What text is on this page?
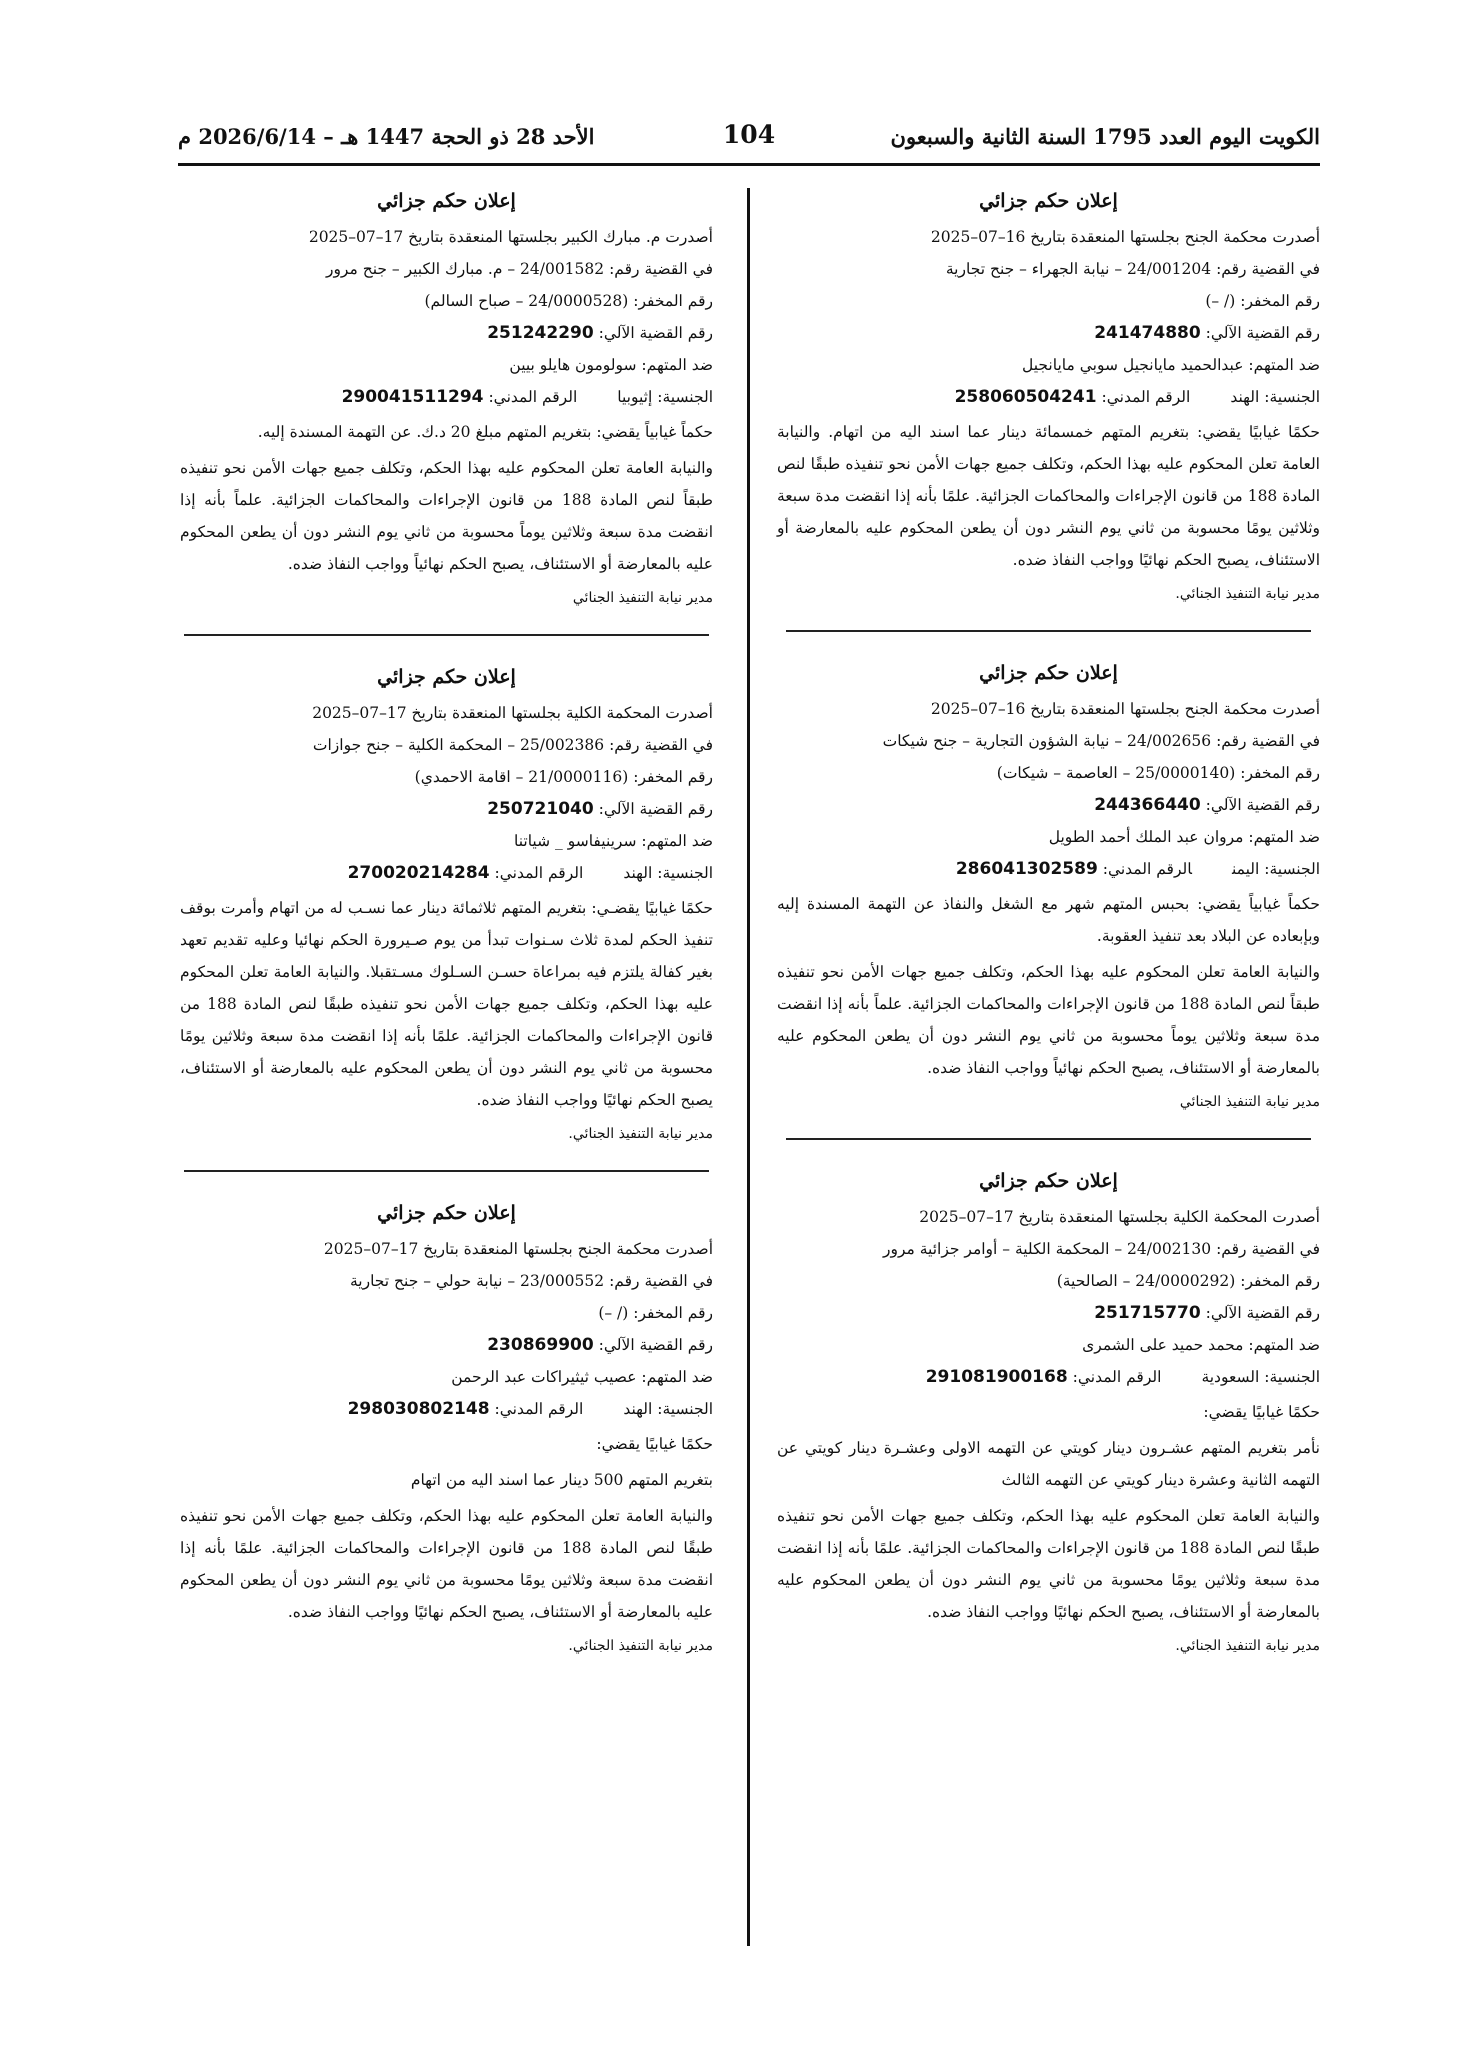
الكويت اليوم العدد 1795 السنة الثانية والسبعون
104
الأحد 28 ذو الحجة 1447 هـ – 2026/6/14 م
إعلان حكم جزائي
أصدرت محكمة الجنح بجلستها المنعقدة بتاريخ 16–07–2025
في القضية رقم: 24/001204 – نيابة الجهراء – جنح تجارية
رقم المخفر: (/ –)
رقم القضية الآلي: 241474880
ضد المتهم: عبدالحميد مايانجيل سوبي مايانجيل
الجنسية: الهندالرقم المدني: 258060504241
حكمًا غيابيًا يقضي: بتغريم المتهم خمسمائة دينار عما اسند اليه من اتهام. والنيابة العامة تعلن المحكوم عليه بهذا الحكم، وتكلف جميع جهات الأمن نحو تنفيذه طبقًا لنص المادة 188 من قانون الإجراءات والمحاكمات الجزائية. علمًا بأنه إذا انقضت مدة سبعة وثلاثين يومًا محسوبة من ثاني يوم النشر دون أن يطعن المحكوم عليه بالمعارضة أو الاستئناف، يصبح الحكم نهائيًا وواجب النفاذ ضده.
مدير نيابة التنفيذ الجنائي.
إعلان حكم جزائي
أصدرت محكمة الجنح بجلستها المنعقدة بتاريخ 16–07–2025
في القضية رقم: 24/002656 – نيابة الشؤون التجارية – جنح شيكات
رقم المخفر: (25/0000140 – العاصمة – شيكات)
رقم القضية الآلي: 244366440
ضد المتهم: مروان عبد الملك أحمد الطويل
الجنسية: اليمنالرقم المدني: 286041302589
حكماً غيابياً يقضي: بحبس المتهم شهر مع الشغل والنفاذ عن التهمة المسندة إليه وبإبعاده عن البلاد بعد تنفيذ العقوبة.
والنيابة العامة تعلن المحكوم عليه بهذا الحكم، وتكلف جميع جهات الأمن نحو تنفيذه طبقاً لنص المادة 188 من قانون الإجراءات والمحاكمات الجزائية. علماً بأنه إذا انقضت مدة سبعة وثلاثين يوماً محسوبة من ثاني يوم النشر دون أن يطعن المحكوم عليه بالمعارضة أو الاستئناف، يصبح الحكم نهائياً وواجب النفاذ ضده.
مدير نيابة التنفيذ الجنائي
إعلان حكم جزائي
أصدرت المحكمة الكلية بجلستها المنعقدة بتاريخ 17–07–2025
في القضية رقم: 24/002130 – المحكمة الكلية – أوامر جزائية مرور
رقم المخفر: (24/0000292 – الصالحية)
رقم القضية الآلي: 251715770
ضد المتهم: محمد حميد على الشمرى
الجنسية: السعوديةالرقم المدني: 291081900168
حكمًا غيابيًا يقضي:
نأمر بتغريم المتهم عشـرون دينار كويتي عن التهمه الاولى وعشـرة دينار كويتي عن التهمه الثانية وعشرة دينار كويتي عن التهمه الثالث
والنيابة العامة تعلن المحكوم عليه بهذا الحكم، وتكلف جميع جهات الأمن نحو تنفيذه طبقًا لنص المادة 188 من قانون الإجراءات والمحاكمات الجزائية. علمًا بأنه إذا انقضت مدة سبعة وثلاثين يومًا محسوبة من ثاني يوم النشر دون أن يطعن المحكوم عليه بالمعارضة أو الاستئناف، يصبح الحكم نهائيًا وواجب النفاذ ضده.
مدير نيابة التنفيذ الجنائي.
إعلان حكم جزائي
أصدرت م. مبارك الكبير بجلستها المنعقدة بتاريخ 17–07–2025
في القضية رقم: 24/001582 – م. مبارك الكبير – جنح مرور
رقم المخفر: (24/0000528 – صباح السالم)
رقم القضية الآلي: 251242290
ضد المتهم: سولومون هايلو بيين
الجنسية: إثيوبياالرقم المدني: 290041511294
حكماً غيابياً يقضي: بتغريم المتهم مبلغ 20 د.ك. عن التهمة المسندة إليه.
والنيابة العامة تعلن المحكوم عليه بهذا الحكم، وتكلف جميع جهات الأمن نحو تنفيذه طبقاً لنص المادة 188 من قانون الإجراءات والمحاكمات الجزائية. علماً بأنه إذا انقضت مدة سبعة وثلاثين يوماً محسوبة من ثاني يوم النشر دون أن يطعن المحكوم عليه بالمعارضة أو الاستئناف، يصبح الحكم نهائياً وواجب النفاذ ضده.
مدير نيابة التنفيذ الجنائي
إعلان حكم جزائي
أصدرت المحكمة الكلية بجلستها المنعقدة بتاريخ 17–07–2025
في القضية رقم: 25/002386 – المحكمة الكلية – جنح جوازات
رقم المخفر: (21/0000116 – اقامة الاحمدي)
رقم القضية الآلي: 250721040
ضد المتهم: سرينيفاسو _ شياتنا
الجنسية: الهندالرقم المدني: 270020214284
حكمًا غيابيًا يقضـي: بتغريم المتهم ثلاثمائة دينار عما نسـب له من اتهام وأمرت بوقف تنفيذ الحكم لمدة ثلاث سـنوات تبدأ من يوم صـيرورة الحكم نهائيا وعليه تقديم تعهد بغير كفالة يلتزم فيه بمراعاة حسـن السـلوك مسـتقبلا. والنيابة العامة تعلن المحكوم عليه بهذا الحكم، وتكلف جميع جهات الأمن نحو تنفيذه طبقًا لنص المادة 188 من قانون الإجراءات والمحاكمات الجزائية. علمًا بأنه إذا انقضت مدة سبعة وثلاثين يومًا محسوبة من ثاني يوم النشر دون أن يطعن المحكوم عليه بالمعارضة أو الاستئناف، يصبح الحكم نهائيًا وواجب النفاذ ضده.
مدير نيابة التنفيذ الجنائي.
إعلان حكم جزائي
أصدرت محكمة الجنح بجلستها المنعقدة بتاريخ 17–07–2025
في القضية رقم: 23/000552 – نيابة حولي – جنح تجارية
رقم المخفر: (/ –)
رقم القضية الآلي: 230869900
ضد المتهم: عصيب ثيثيراكات عبد الرحمن
الجنسية: الهندالرقم المدني: 298030802148
حكمًا غيابيًا يقضي:
بتغريم المتهم 500 دينار عما اسند اليه من اتهام
والنيابة العامة تعلن المحكوم عليه بهذا الحكم، وتكلف جميع جهات الأمن نحو تنفيذه طبقًا لنص المادة 188 من قانون الإجراءات والمحاكمات الجزائية. علمًا بأنه إذا انقضت مدة سبعة وثلاثين يومًا محسوبة من ثاني يوم النشر دون أن يطعن المحكوم عليه بالمعارضة أو الاستئناف، يصبح الحكم نهائيًا وواجب النفاذ ضده.
مدير نيابة التنفيذ الجنائي.
